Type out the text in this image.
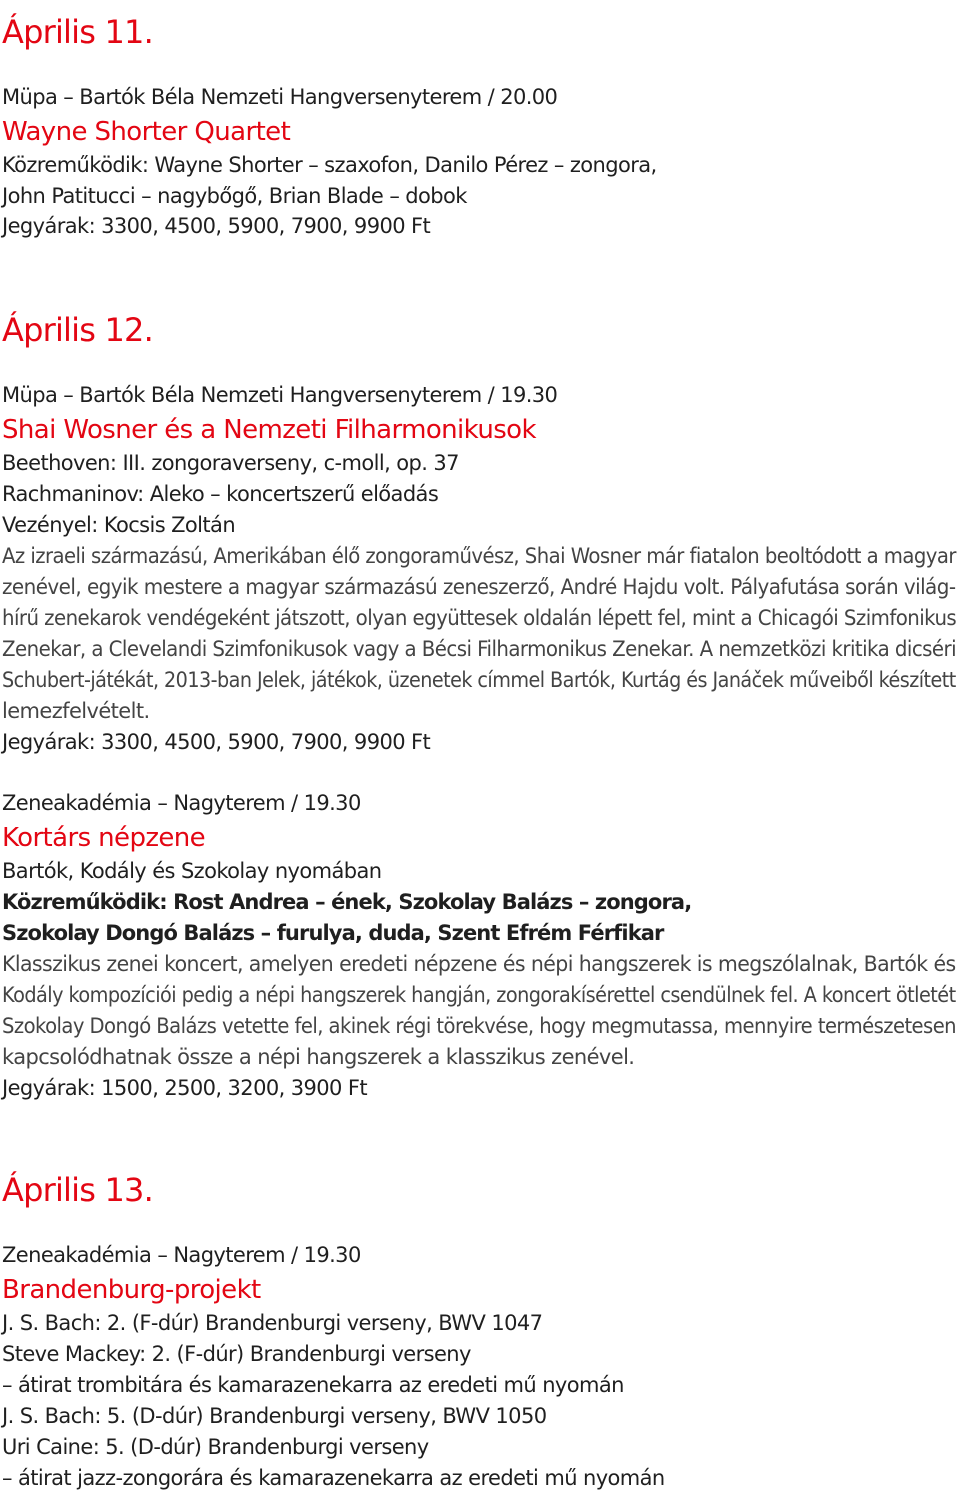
Április 11.
Müpa – Bartók Béla Nemzeti Hangversenyterem / 20.00
Wayne Shorter Quartet
Közreműködik: Wayne Shorter – szaxofon, Danilo Pérez – zongora,
John Patitucci – nagybőgő, Brian Blade – dobok
Jegyárak: 3300, 4500, 5900, 7900, 9900 Ft
Április 12.
Müpa – Bartók Béla Nemzeti Hangversenyterem / 19.30
Shai Wosner és a Nemzeti Filharmonikusok
Beethoven: III. zongoraverseny, c-moll, op. 37
Rachmaninov: Aleko – koncertszerű előadás
Vezényel: Kocsis Zoltán
Az izraeli származású, Amerikában élő zongoraművész, Shai Wosner már fiatalon beoltódott a magyar
zenével, egyik mestere a magyar származású zeneszerző, André Hajdu volt. Pályafutása során világ-
hírű zenekarok vendégeként játszott, olyan együttesek oldalán lépett fel, mint a Chicagói Szimfonikus
Zenekar, a Clevelandi Szimfonikusok vagy a Bécsi Filharmonikus Zenekar. A nemzetközi kritika dicséri
Schubert-játékát, 2013-ban Jelek, játékok, üzenetek címmel Bartók, Kurtág és Janáček műveiből készített
lemezfelvételt.
Jegyárak: 3300, 4500, 5900, 7900, 9900 Ft
Zeneakadémia – Nagyterem / 19.30
Kortárs népzene
Bartók, Kodály és Szokolay nyomában
Közreműködik: Rost Andrea – ének, Szokolay Balázs – zongora,
Szokolay Dongó Balázs – furulya, duda, Szent Efrém Férfikar
Klasszikus zenei koncert, amelyen eredeti népzene és népi hangszerek is megszólalnak, Bartók és
Kodály kompozíciói pedig a népi hangszerek hangján, zongorakísérettel csendülnek fel. A koncert ötletét
Szokolay Dongó Balázs vetette fel, akinek régi törekvése, hogy megmutassa, mennyire természetesen
kapcsolódhatnak össze a népi hangszerek a klasszikus zenével.
Jegyárak: 1500, 2500, 3200, 3900 Ft
Április 13.
Zeneakadémia – Nagyterem / 19.30
Brandenburg-projekt
J. S. Bach: 2. (F-dúr) Brandenburgi verseny, BWV 1047
Steve Mackey: 2. (F-dúr) Brandenburgi verseny
– átirat trombitára és kamarazenekarra az eredeti mű nyomán
J. S. Bach: 5. (D-dúr) Brandenburgi verseny, BWV 1050
Uri Caine: 5. (D-dúr) Brandenburgi verseny
– átirat jazz-zongorára és kamarazenekarra az eredeti mű nyomán
